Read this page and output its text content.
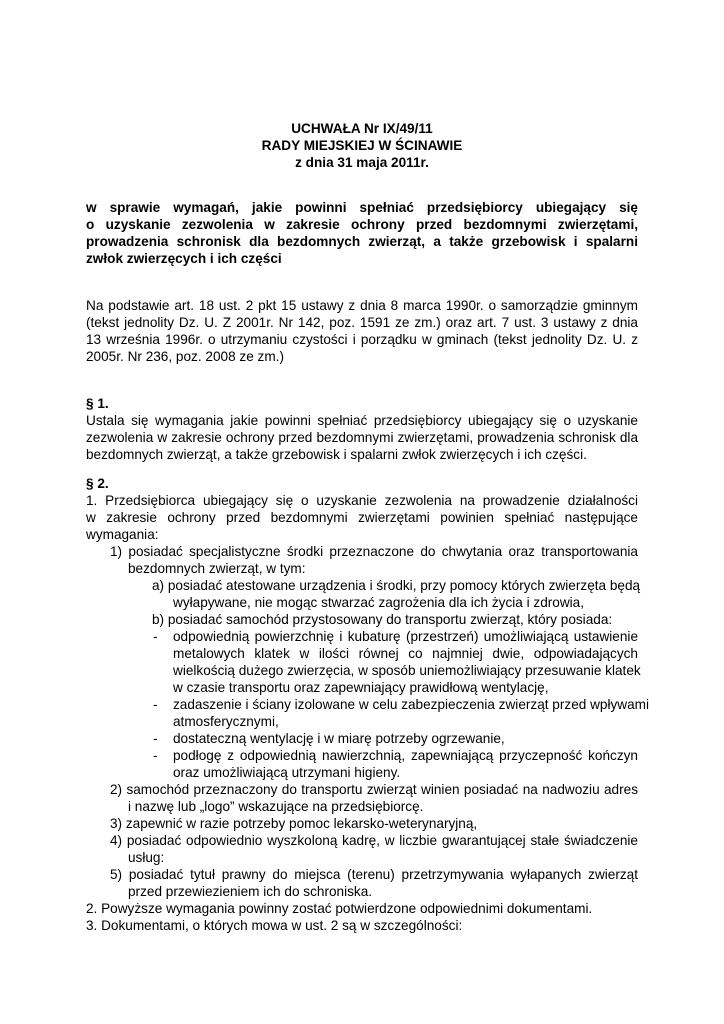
UCHWAŁA Nr IX/49/11
RADY MIEJSKIEJ W ŚCINAWIE
z dnia 31 maja 2011r.
w sprawie wymagań, jakie powinni spełniać przedsiębiorcy ubiegający się
o uzyskanie zezwolenia w zakresie ochrony przed bezdomnymi zwierzętami,
prowadzenia schronisk dla bezdomnych zwierząt, a także grzebowisk i spalarni
zwłok zwierzęcych i ich części
Na podstawie art. 18 ust. 2 pkt 15 ustawy z dnia 8 marca 1990r. o samorządzie gminnym
(tekst jednolity Dz. U. Z 2001r. Nr 142, poz. 1591 ze zm.) oraz art. 7 ust. 3 ustawy z dnia
13 września 1996r. o utrzymaniu czystości i porządku w gminach (tekst jednolity Dz. U. z
2005r. Nr 236, poz. 2008 ze zm.)
§ 1.
Ustala się wymagania jakie powinni spełniać przedsiębiorcy ubiegający się o uzyskanie
zezwolenia w zakresie ochrony przed bezdomnymi zwierzętami, prowadzenia schronisk dla
bezdomnych zwierząt, a także grzebowisk i spalarni zwłok zwierzęcych i ich części.
§ 2.
1. Przedsiębiorca ubiegający się o uzyskanie zezwolenia na prowadzenie działalności
w zakresie ochrony przed bezdomnymi zwierzętami powinien spełniać następujące
wymagania:
1) posiadać specjalistyczne środki przeznaczone do chwytania oraz transportowania
bezdomnych zwierząt, w tym:
a) posiadać atestowane urządzenia i środki, przy pomocy których zwierzęta będą
wyłapywane, nie mogąc stwarzać zagrożenia dla ich życia i zdrowia,
b) posiadać samochód przystosowany do transportu zwierząt, który posiada:
- odpowiednią powierzchnię i kubaturę (przestrzeń) umożliwiającą ustawienie
metalowych klatek w ilości równej co najmniej dwie, odpowiadających
wielkością dużego zwierzęcia, w sposób uniemożliwiający przesuwanie klatek
w czasie transportu oraz zapewniający prawidłową wentylację,
- zadaszenie i ściany izolowane w celu zabezpieczenia zwierząt przed wpływami
atmosferycznymi,
- dostateczną wentylację i w miarę potrzeby ogrzewanie,
- podłogę z odpowiednią nawierzchnią, zapewniającą przyczepność kończyn
oraz umożliwiającą utrzymani higieny.
2) samochód przeznaczony do transportu zwierząt winien posiadać na nadwoziu adres
i nazwę lub „logo” wskazujące na przedsiębiorcę.
3) zapewnić w razie potrzeby pomoc lekarsko-weterynaryjną,
4) posiadać odpowiednio wyszkoloną kadrę, w liczbie gwarantującej stałe świadczenie
usług:
5) posiadać tytuł prawny do miejsca (terenu) przetrzymywania wyłapanych zwierząt
przed przewiezieniem ich do schroniska.
2. Powyższe wymagania powinny zostać potwierdzone odpowiednimi dokumentami.
3. Dokumentami, o których mowa w ust. 2 są w szczególności:
